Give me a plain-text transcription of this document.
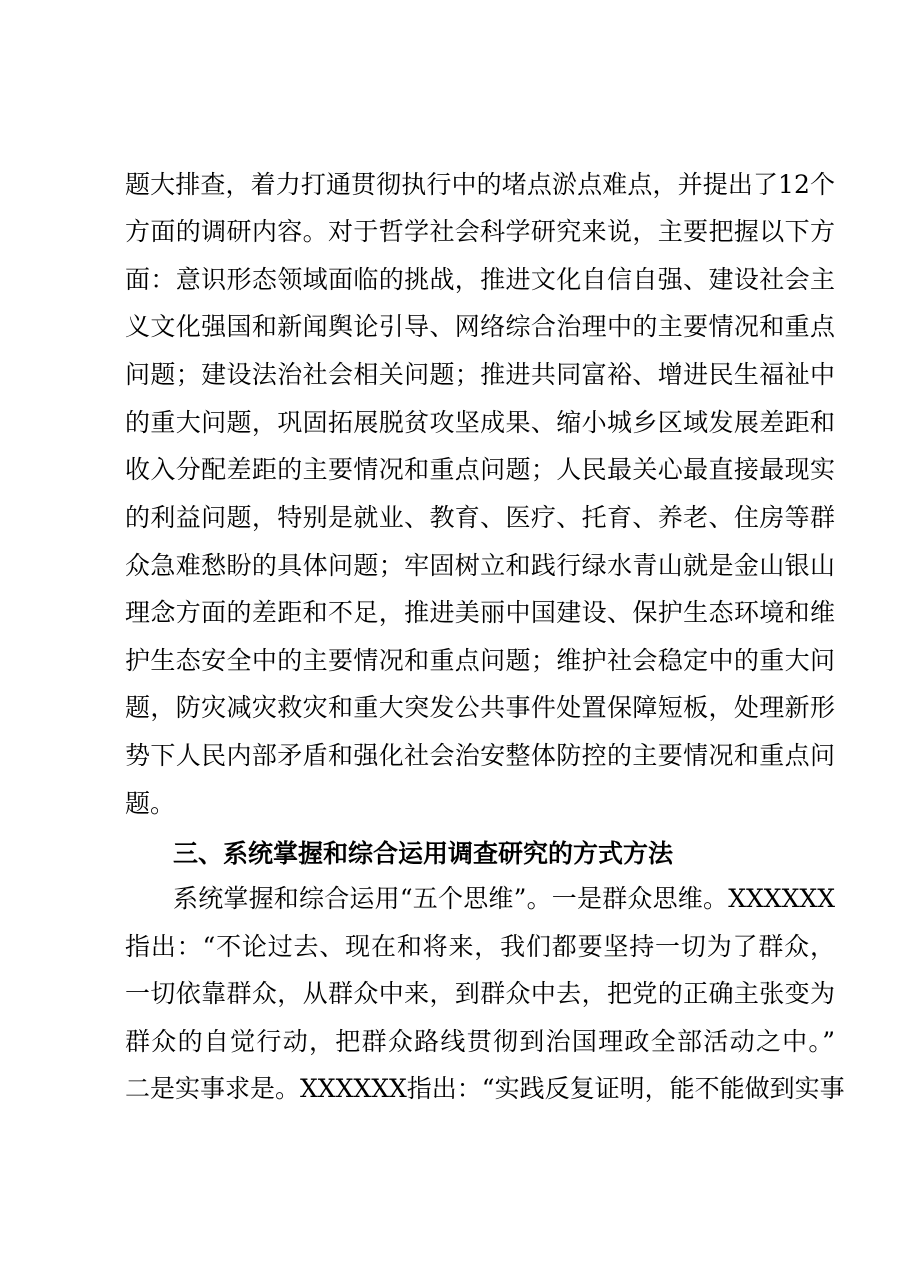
题大排查，着力打通贯彻执行中的堵点淤点难点，并提出了12个
方面的调研内容。对于哲学社会科学研究来说，主要把握以下方
面：意识形态领域面临的挑战，推进文化自信自强、建设社会主
义文化强国和新闻舆论引导、网络综合治理中的主要情况和重点
问题；建设法治社会相关问题；推进共同富裕、增进民生福祉中
的重大问题，巩固拓展脱贫攻坚成果、缩小城乡区域发展差距和
收入分配差距的主要情况和重点问题；人民最关心最直接最现实
的利益问题，特别是就业、教育、医疗、托育、养老、住房等群
众急难愁盼的具体问题；牢固树立和践行绿水青山就是金山银山
理念方面的差距和不足，推进美丽中国建设、保护生态环境和维
护生态安全中的主要情况和重点问题；维护社会稳定中的重大问
题，防灾减灾救灾和重大突发公共事件处置保障短板，处理新形
势下人民内部矛盾和强化社会治安整体防控的主要情况和重点问
题。
三、系统掌握和综合运用调查研究的方式方法
系统掌握和综合运用“五个思维”。一是群众思维。XXXXXX
指出：“不论过去、现在和将来，我们都要坚持一切为了群众，
一切依靠群众，从群众中来，到群众中去，把党的正确主张变为
群众的自觉行动，把群众路线贯彻到治国理政全部活动之中。”
二是实事求是。XXXXXX指出：“实践反复证明，能不能做到实事
